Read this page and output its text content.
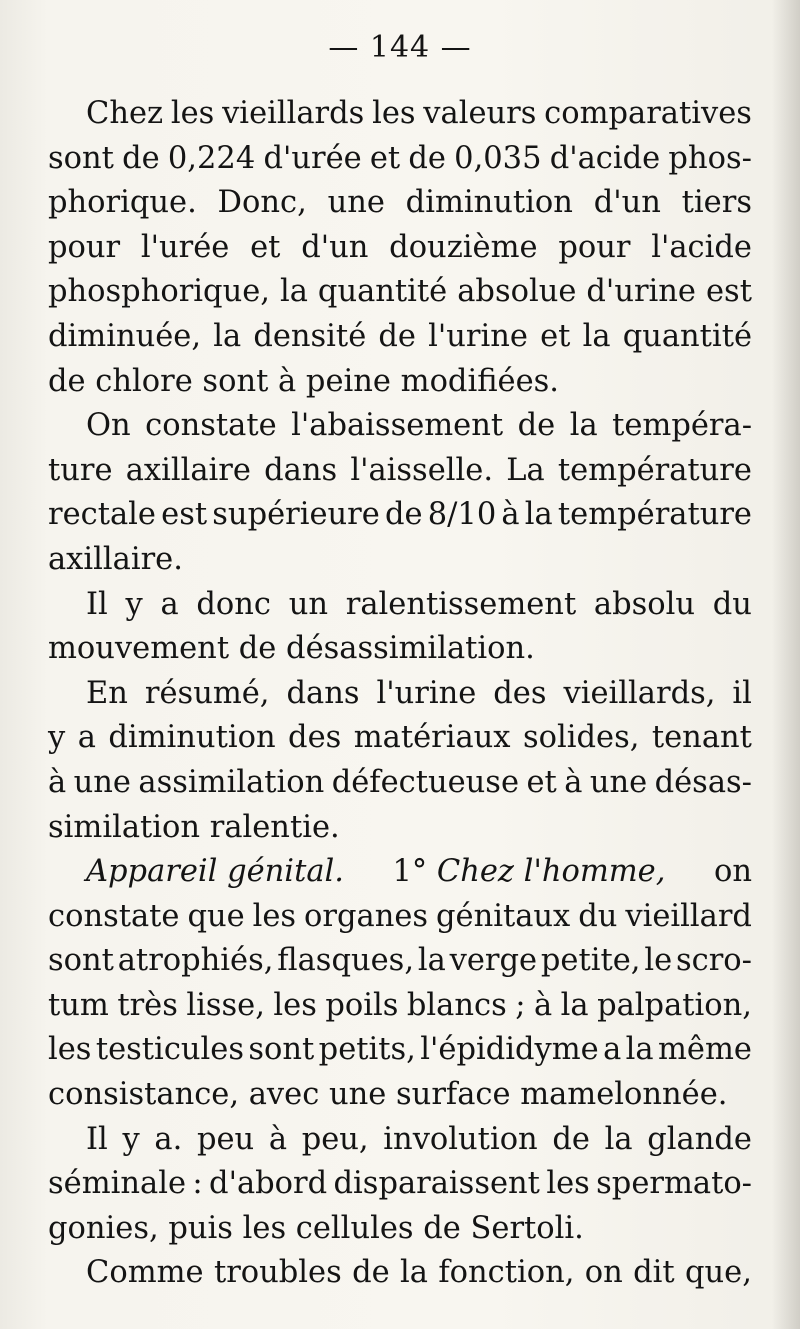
— 144 —
Chez les vieillards les valeurs comparatives
sont de 0,224 d'urée et de 0,035 d'acide phos-
phorique. Donc, une diminution d'un tiers
pour l'urée et d'un douzième pour l'acide
phosphorique, la quantité absolue d'urine est
diminuée, la densité de l'urine et la quantité
de chlore sont à peine modifiées.
On constate l'abaissement de la tempéra-
ture axillaire dans l'aisselle. La température
rectale est supérieure de 8/10 à la température
axillaire.
Il y a donc un ralentissement absolu du
mouvement de désassimilation.
En résumé, dans l'urine des vieillards, il
y a diminution des matériaux solides, tenant
à une assimilation défectueuse et à une désas-
similation ralentie.
Appareil génital. 1° Chez l'homme, on
constate que les organes génitaux du vieillard
sont atrophiés, flasques, la verge petite, le scro-
tum très lisse, les poils blancs ; à la palpation,
les testicules sont petits, l'épididyme a la même
consistance, avec une surface mamelonnée.
Il y a. peu à peu, involution de la glande
séminale : d'abord disparaissent les spermato-
gonies, puis les cellules de Sertoli.
Comme troubles de la fonction, on dit que,
